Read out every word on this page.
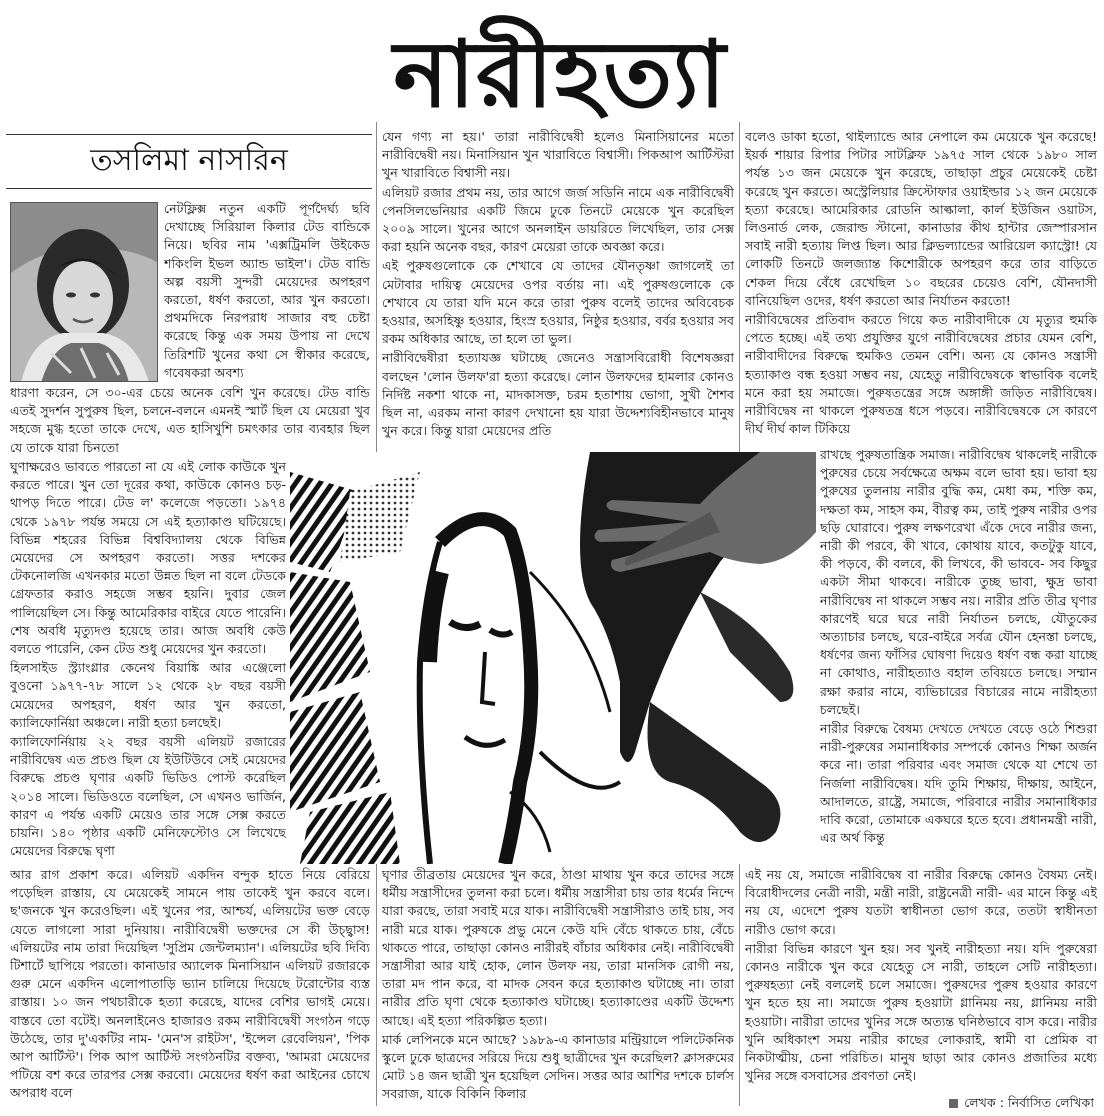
নারীহত্যা
তসলিমা নাসরিন

নেটফ্লিক্স নতুন একটি পূর্ণদৈর্ঘ্য ছবি দেখাচ্ছে সিরিয়াল কিলার টেড বান্ডিকে নিয়ে। ছবির নাম 'এক্সট্রিমলি উইকেড শকিংলি ইভল অ্যান্ড ভাইল'। টেড বান্ডি অল্প বয়সী সুন্দরী মেয়েদের অপহরণ করতো, ধর্ষণ করতো, আর খুন করতো। প্রথমদিকে নিরপরাধ সাজার বহু চেষ্টা করেছে কিন্তু এক সময় উপায় না দেখে তিরিশটি খুনের কথা সে স্বীকার করেছে, গবেষকরা অবশ্য

ধারণা করেন, সে ৩০-এর চেয়ে অনেক বেশি খুন করেছে। টেড বান্ডি এতই সুদর্শন সুপুরুষ ছিল, চলনে-বলনে এমনই স্মার্ট ছিল যে মেয়েরা খুব সহজে মুগ্ধ হতো তাকে দেখে, এত হাসিখুশি চমৎকার তার ব্যবহার ছিল যে তাকে যারা চিনতো

ঘুণাক্ষরেও ভাবতে পারতো না যে এই লোক কাউকে খুন করতে পারে। খুন তো দূরের কথা, কাউকে কোনও চড়-থাপড় দিতে পারে। টেড ল' কলেজে পড়তো। ১৯৭৪ থেকে ১৯৭৮ পর্যন্ত সময়ে সে এই হত্যাকাণ্ড ঘটিয়েছে। বিভিন্ন শহরের বিভিন্ন বিশ্ববিদ্যালয় থেকে বিভিন্ন মেয়েদের সে অপহরণ করতো। সত্তর দশকের টেকনোলজি এখনকার মতো উন্নত ছিল না বলে টেডকে গ্রেফতার করাও সহজে সম্ভব হয়নি। দুবার জেল পালিয়েছিল সে। কিন্তু আমেরিকার বাইরে যেতে পারেনি। শেষ অবধি মৃত্যুদণ্ড হয়েছে তার। আজ অবধি কেউ বলতে পারেনি, কেন টেড শুধু মেয়েদের খুন করতো।

হিলসাইড স্ট্র্যাংগ্লার কেনেথ বিয়াঙ্কি আর এঞ্জেলো বুওনো ১৯৭৭-৭৮ সালে ১২ থেকে ২৮ বছর বয়সী মেয়েদের অপহরণ, ধর্ষণ আর খুন করতো, ক্যালিফোর্নিয়া অঞ্চলে। নারী হত্যা চলছেই।

ক্যালিফোর্নিয়ায় ২২ বছর বয়সী এলিয়ট রজারের নারীবিদ্বেষ এত প্রচণ্ড ছিল যে ইউটিউবে সেই মেয়েদের বিরুদ্ধে প্রচণ্ড ঘৃণার একটি ভিডিও পোস্ট করেছিল ২০১৪ সালে। ভিডিওতে বলেছিল, সে এখনও ভার্জিন, কারণ এ পর্যন্ত একটি মেয়েও তার সঙ্গে সেক্স করতে চায়নি। ১৪০ পৃষ্ঠার একটি মেনিফেস্টোও সে লিখেছে মেয়েদের বিরুদ্ধে ঘৃণা

আর রাগ প্রকাশ করে। এলিয়ট একদিন বন্দুক হাতে নিয়ে বেরিয়ে পড়েছিল রাস্তায়, যে মেয়েকেই সামনে পায় তাকেই খুন করবে বলে। ছ'জনকে খুন করেওছিল। এই খুনের পর, আশ্চর্য, এলিয়টের ভক্ত বেড়ে যেতে লাগলো সারা দুনিয়ায়। নারীবিদ্বেষী ভক্তদের সে কী উচ্ছ্বাস! এলিয়টের নাম তারা দিয়েছিল 'সুপ্রিম জেন্টলম্যান'। এলিয়টের ছবি দিব্যি টিশার্টে ছাপিয়ে পরতো। কানাডার অ্যালেক মিনাসিয়ান এলিয়ট রজারকে গুরু মেনে একদিন এলোপাতাড়ি ভ্যান চালিয়ে দিয়েছে টরোন্টোর ব্যস্ত রাস্তায়। ১০ জন পথচারীকে হত্যা করেছে, যাদের বেশির ভাগই মেয়ে। বাস্তবে তো বটেই। অনলাইনেও হাজারও রকম নারীবিদ্বেষী সংগঠন গড়ে উঠেছে, তার দু'একটির নাম- 'মেন'স রাইটস', 'ইন্সেল রেবেলিয়ন', 'পিক আপ আর্টিস্ট'। পিক আপ আর্টিস্ট সংগঠনটির বক্তব্য, 'আমরা মেয়েদের পটিয়ে বশ করে তারপর সেক্স করবো। মেয়েদের ধর্ষণ করা আইনের চোখে অপরাধ বলে

যেন গণ্য না হয়।' তারা নারীবিদ্বেষী হলেও মিনাসিয়ানের মতো নারীবিদ্বেষী নয়। মিনাসিয়ান খুন খারাবিতে বিশ্বাসী। পিকআপ আর্টিস্টরা খুন খারাবিতে বিশ্বাসী নয়।

এলিয়ট রজার প্রথম নয়, তার আগে জর্জ সডিনি নামে এক নারীবিদ্বেষী পেনসিলভেনিয়ার একটি জিমে ঢুকে তিনটে মেয়েকে খুন করেছিল ২০০৯ সালে। খুনের আগে অনলাইন ডায়রিতে লিখেছিল, তার সেক্স করা হয়নি অনেক বছর, কারণ মেয়েরা তাকে অবজ্ঞা করে।

এই পুরুষগুলোকে কে শেখাবে যে তাদের যৌনতৃষ্ণা জাগলেই তা মেটাবার দায়িত্ব মেয়েদের ওপর বর্তায় না। এই পুরুষগুলোকে কে শেখাবে যে তারা যদি মনে করে তারা পুরুষ বলেই তাদের অবিবেচক হওয়ার, অসহিষ্ণু হওয়ার, হিংস্র হওয়ার, নিষ্ঠুর হওয়ার, বর্বর হওয়ার সব রকম অধিকার আছে, তা হলে তা ভুল।

নারীবিদ্বেষীরা হত্যাযজ্ঞ ঘটাচ্ছে জেনেও সন্ত্রাসবিরোধী বিশেষজ্ঞরা বলছেন 'লোন উলফ'রা হত্যা করেছে। লোন উলফদের হামলার কোনও নির্দিষ্ট নকশা থাকে না, মাদকাসক্ত, চরম হতাশায় ভোগা, সুখী শৈশব ছিল না, এরকম নানা কারণ দেখানো হয় যারা উদ্দেশ্যবিহীনভাবে মানুষ খুন করে। কিন্তু যারা মেয়েদের প্রতি

ঘৃণার তীব্রতায় মেয়েদের খুন করে, ঠাণ্ডা মাথায় খুন করে তাদের সঙ্গে ধর্মীয় সন্ত্রাসীদের তুলনা করা চলে। ধর্মীয় সন্ত্রাসীরা চায় তার ধর্মের নিন্দে যারা করছে, তারা সবাই মরে যাক। নারীবিদ্বেষী সন্ত্রাসীরাও তাই চায়, সব নারী মরে যাক। পুরুষকে প্রভু মেনে কেউ যদি বেঁচে থাকতে চায়, বেঁচে থাকতে পারে, তাছাড়া কোনও নারীরই বাঁচার অধিকার নেই। নারীবিদ্বেষী সন্ত্রাসীরা আর যাই হোক, লোন উলফ নয়, তারা মানসিক রোগী নয়, তারা মদ পান করে, বা মাদক সেবন করে হত্যাকাণ্ড ঘটাচ্ছে না। তারা নারীর প্রতি ঘৃণা থেকে হত্যাকাণ্ড ঘটাচ্ছে। হত্যাকাণ্ডের একটি উদ্দেশ্য আছে। এই হত্যা পরিকল্পিত হত্যা।

মার্ক লেপিনকে মনে আছে? ১৯৮৯-এ কানাডার মন্ট্রিয়ালে পলিটেকনিক স্কুলে ঢুকে ছাত্রদের সরিয়ে দিয়ে শুধু ছাত্রীদের খুন করেছিল? ক্লাসরুমের মোট ১৪ জন ছাত্রী খুন হয়েছিল সেদিন। সত্তর আর আশির দশকে চার্লস সবরাজ, যাকে বিকিনি কিলার

বলেও ডাকা হতো, থাইল্যান্ডে আর নেপালে কম মেয়েকে খুন করেছে! ইয়র্ক শায়ার রিপার পিটার সাটক্লিফ ১৯৭৫ সাল থেকে ১৯৮০ সাল পর্যন্ত ১৩ জন মেয়েকে খুন করেছে, তাছাড়া প্রচুর মেয়েকেই চেষ্টা করেছে খুন করতে। অস্ট্রেলিয়ার ক্রিস্টোফার ওয়াইল্ডার ১২ জন মেয়েকে হত্যা করেছে। আমেরিকার রোডনি আল্কালা, কার্ল ইউজিন ওয়াটস, লিওনার্ড লেক, জেরাল্ড স্টানো, কানাডার কীথ হান্টার জেস্পারসান সবাই নারী হত্যায় লিপ্ত ছিল। আর ক্লিভল্যান্ডের আরিয়েল ক্যাস্ট্রো! যে লোকটি তিনটে জলজ্যান্ত কিশোরীকে অপহরণ করে তার বাড়িতে শেকল দিয়ে বেঁধে রেখেছিল ১০ বছরের চেয়েও বেশি, যৌনদাসী বানিয়েছিল ওদের, ধর্ষণ করতো আর নির্যাতন করতো!

নারীবিদ্বেষের প্রতিবাদ করতে গিয়ে কত নারীবাদীকে যে মৃত্যুর হুমকি পেতে হচ্ছে। এই তথ্য প্রযুক্তির যুগে নারীবিদ্বেষের প্রচার যেমন বেশি, নারীবাদীদের বিরুদ্ধে হুমকিও তেমন বেশি। অন্য যে কোনও সন্ত্রাসী হত্যাকাণ্ড বন্ধ হওয়া সম্ভব নয়, যেহেতু নারীবিদ্বেষকে স্বাভাবিক বলেই মনে করা হয় সমাজে। পুরুষতন্ত্রের সঙ্গে অঙ্গাঙ্গী জড়িত নারীবিদ্বেষ। নারীবিদ্বেষ না থাকলে পুরুষতন্ত্র ধসে পড়বে। নারীবিদ্বেষকে সে কারণে দীর্ঘ দীর্ঘ কাল টিকিয়ে

রাখছে পুরুষতান্ত্রিক সমাজ। নারীবিদ্বেষ থাকলেই নারীকে পুরুষের চেয়ে সর্বক্ষেত্রে অক্ষম বলে ভাবা হয়। ভাবা হয় পুরুষের তুলনায় নারীর বুদ্ধি কম, মেধা কম, শক্তি কম, দক্ষতা কম, সাহস কম, বীরত্ব কম, তাই পুরুষ নারীর ওপর ছড়ি ঘোরাবে। পুরুষ লক্ষণরেখা এঁকে দেবে নারীর জন্য, নারী কী পরবে, কী খাবে, কোথায় যাবে, কতটুকু যাবে, কী পড়বে, কী বলবে, কী লিখবে, কী ভাববে- সব কিছুর একটা সীমা থাকবে। নারীকে তুচ্ছ ভাবা, ক্ষুদ্র ভাবা নারীবিদ্বেষ না থাকলে সম্ভব নয়। নারীর প্রতি তীব্র ঘৃণার কারণেই ঘরে ঘরে নারী নির্যাতন চলছে, যৌতুকের অত্যাচার চলছে, ঘরে-বাইরে সর্বত্র যৌন হেনস্তা চলছে, ধর্ষণের জন্য ফাঁসির ঘোষণা দিয়েও ধর্ষণ বন্ধ করা যাচ্ছে না কোথাও, নারীহত্যাও বহাল তবিয়তে চলছে। সম্মান রক্ষা করার নামে, ব্যভিচারের বিচারের নামে নারীহত্যা চলছেই।

নারীর বিরুদ্ধে বৈষম্য দেখতে দেখতে বেড়ে ওঠে শিশুরা নারী-পুরুষের সমানাধিকার সম্পর্কে কোনও শিক্ষা অর্জন করে না। তারা পরিবার এবং সমাজ থেকে যা শেখে তা নির্জলা নারীবিদ্বেষ। যদি তুমি শিক্ষায়, দীক্ষায়, আইনে, আদালতে, রাষ্ট্রে, সমাজে, পরিবারে নারীর সমানাধিকার দাবি করো, তোমাকে একঘরে হতে হবে। প্রধানমন্ত্রী নারী, এর অর্থ কিন্তু

এই নয় যে, সমাজে নারীবিদ্বেষ বা নারীর বিরুদ্ধে কোনও বৈষম্য নেই। বিরোধীদলের নেত্রী নারী, মন্ত্রী নারী, রাষ্ট্রনেত্রী নারী- এর মানে কিন্তু এই নয় যে, এদেশে পুরুষ যতটা স্বাধীনতা ভোগ করে, ততটা স্বাধীনতা নারীও ভোগ করে।

নারীরা বিভিন্ন কারণে খুন হয়। সব খুনই নারীহত্যা নয়। যদি পুরুষেরা কোনও নারীকে খুন করে যেহেতু সে নারী, তাহলে সেটি নারীহত্যা। পুরুষহত্যা নেই বললেই চলে সমাজে। পুরুষদের পুরুষ হওয়ার কারণে খুন হতে হয় না। সমাজে পুরুষ হওয়াটা গ্লানিময় নয়, গ্লানিময় নারী হওয়াটা। নারীরা তাদের খুনির সঙ্গে অত্যন্ত ঘনিষ্ঠভাবে বাস করে। নারীর খুনি অধিকাংশ সময় নারীর কাছের লোকরাই, স্বামী বা প্রেমিক বা নিকটাত্মীয়, চেনা পরিচিত। মানুষ ছাড়া আর কোনও প্রজাতির মধ্যে খুনির সঙ্গে বসবাসের প্রবণতা নেই।

লেখক : নির্বাসিত লেখিকা
